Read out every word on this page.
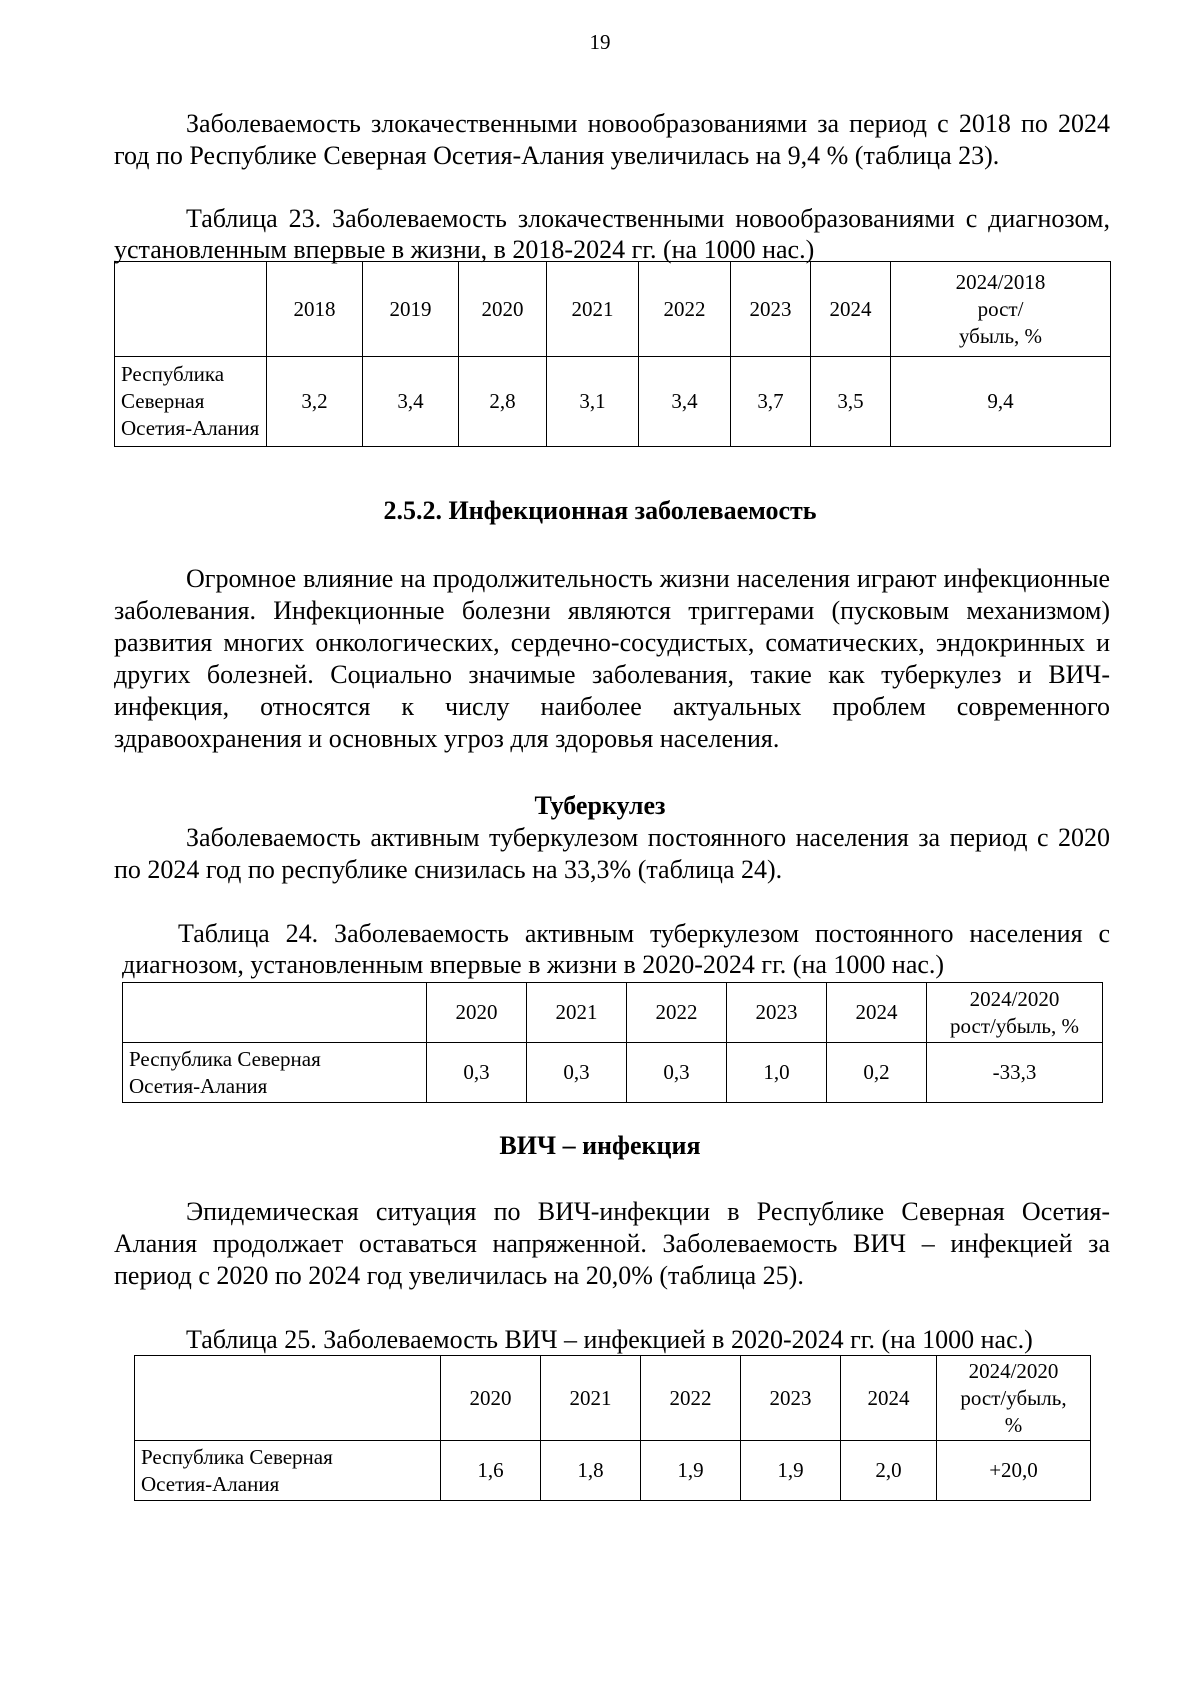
19

Заболеваемость злокачественными новообразованиями за период с 2018 по 2024 год по Республике Северная Осетия-Алания увеличилась на 9,4 % (таблица 23).

Таблица 23. Заболеваемость злокачественными новообразованиями с диагнозом, установленным впервые в жизни, в 2018-2024 гг. (на 1000 нас.)

	2018	2019	2020	2021	2022	2023	2024	2024/2018
рост/
убыль, %

Республика
Северная
Осетия-Алания	3,2	3,4	2,8	3,1	3,4	3,7	3,5	9,4
2.5.2. Инфекционная заболеваемость

Огромное влияние на продолжительность жизни населения играют инфекционные заболевания. Инфекционные болезни являются триггерами (пусковым механизмом) развития многих онкологических, сердечно-сосудистых, соматических, эндокринных и других болезней. Социально значимые заболевания, такие как туберкулез и ВИЧ-инфекция, относятся к числу наиболее актуальных проблем современного здравоохранения и основных угроз для здоровья населения.

Туберкулез

Заболеваемость активным туберкулезом постоянного населения за период с 2020 по 2024 год по республике снизилась на 33,3% (таблица 24).

Таблица 24. Заболеваемость активным туберкулезом постоянного населения с диагнозом, установленным впервые в жизни в 2020-2024 гг. (на 1000 нас.)

	2020	2021	2022	2023	2024	2024/2020
рост/убыль, %

Республика Северная
Осетия-Алания	0,3	0,3	0,3	1,0	0,2	-33,3
ВИЧ – инфекция

Эпидемическая ситуация по ВИЧ-инфекции в Республике Северная Осетия-Алания продолжает оставаться напряженной. Заболеваемость ВИЧ – инфекцией за период с 2020 по 2024 год увеличилась на 20,0% (таблица 25).

Таблица 25. Заболеваемость ВИЧ – инфекцией в 2020-2024 гг. (на 1000 нас.)

	2020	2021	2022	2023	2024	2024/2020
рост/убыль,
%

Республика Северная
Осетия-Алания	1,6	1,8	1,9	1,9	2,0	+20,0
